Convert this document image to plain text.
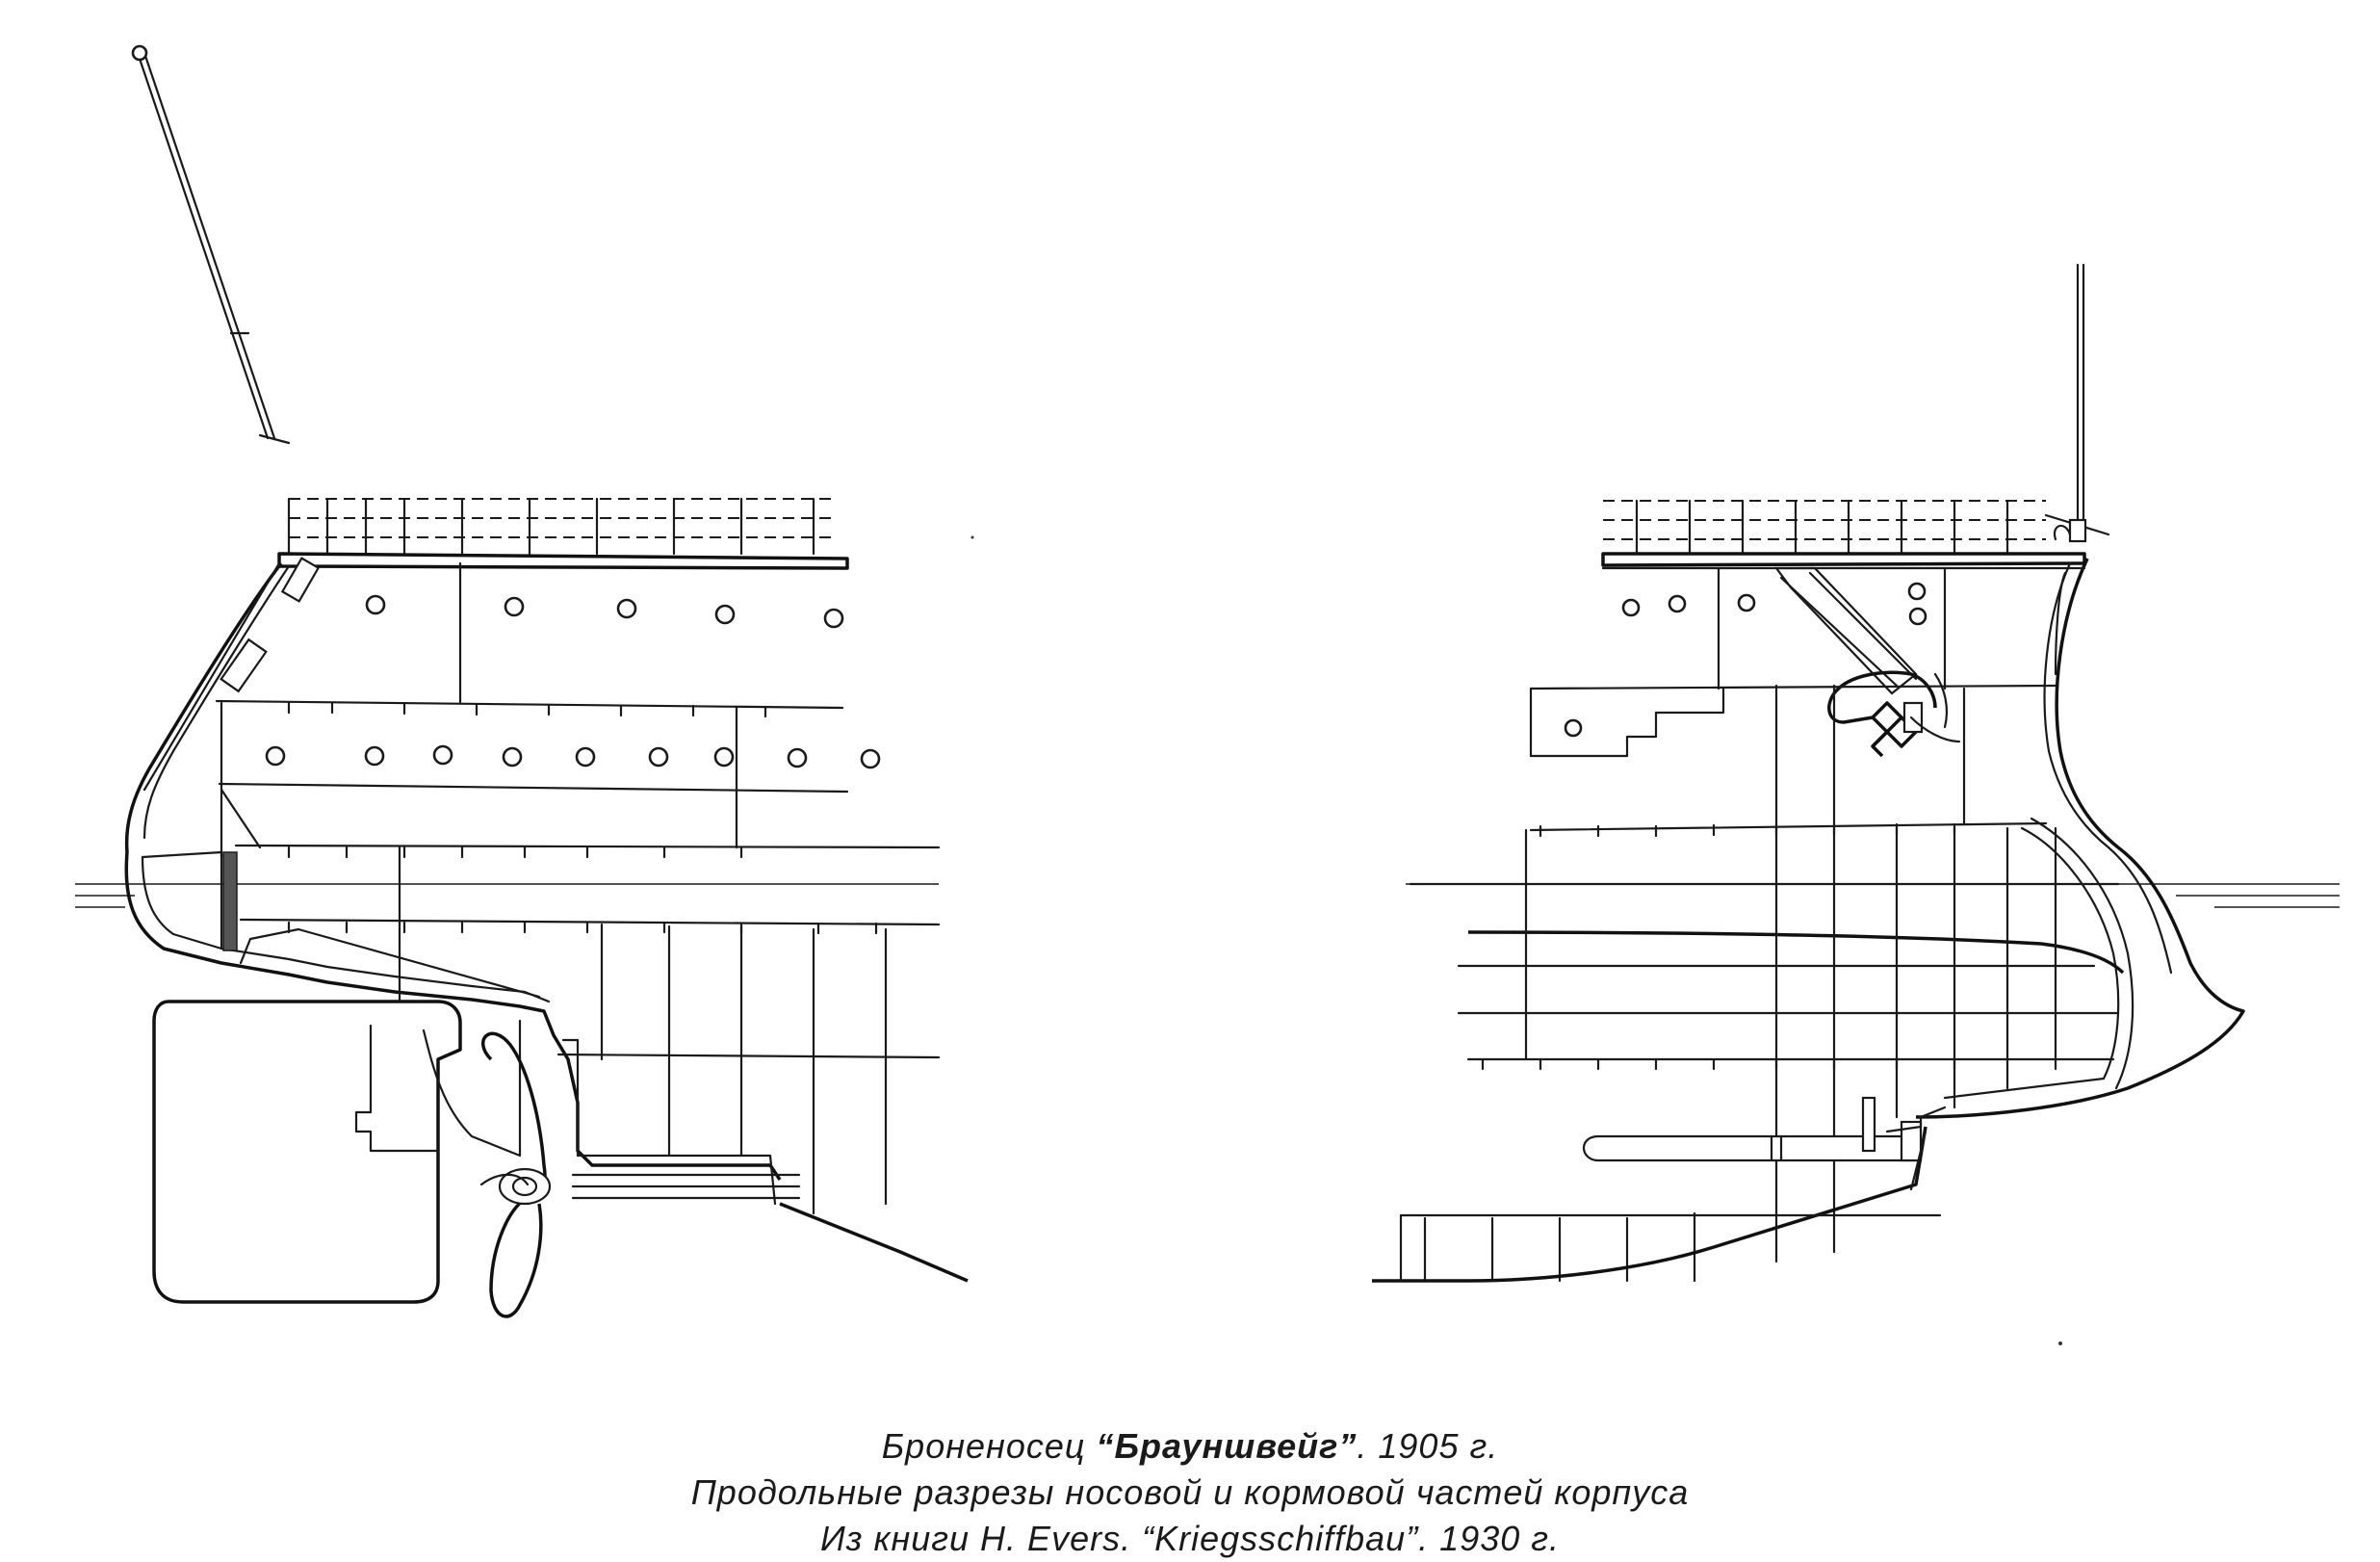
Броненосец “Брауншвейг”. 1905 г.
Продольные разрезы носовой и кормовой частей корпуса
Из книги H. Evers. “Kriegsschiffbau”. 1930 г.
